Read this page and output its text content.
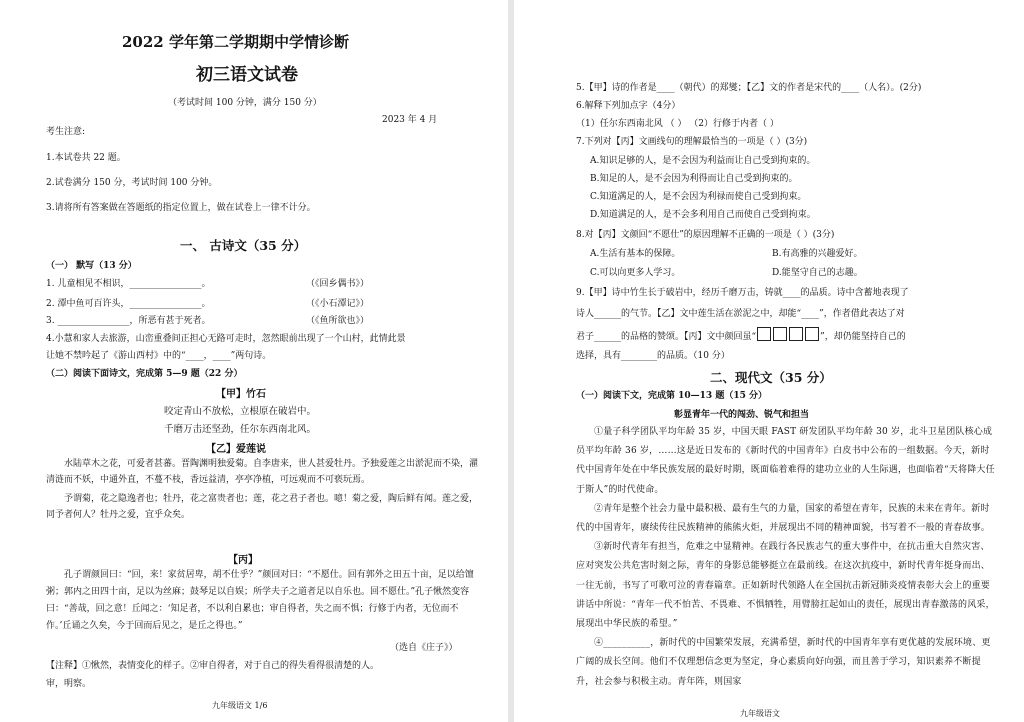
2022 学年第二学期期中学情诊断
初三语文试卷
（考试时间 100 分钟，满分 150 分）
2023 年 4 月
考生注意:
1.本试卷共 22 题。
2.试卷满分 150 分，考试时间 100 分钟。
3.请将所有答案做在答题纸的指定位置上，做在试卷上一律不计分。
一、 古诗文（35 分）
（一） 默写（13 分）
1. 儿童相见不相识，________________。	（《回乡偶书》）
2. 潭中鱼可百许头，________________。	（《小石潭记》）
3. ________________，所恶有甚于死者。	（《鱼所欲也》）
4.小慧和家人去旅游，山峦重叠间正担心无路可走时，忽然眼前出现了一个山村，此情此景
让她不禁吟起了《游山西村》中的“____，____”两句诗。
（二）阅读下面诗文，完成第 5—9 题（22 分）
【甲】竹石
咬定青山不放松，立根原在破岩中。
千磨万击还坚劲，任尔东西南北风。
【乙】爱莲说
水陆草木之花，可爱者甚蕃。晋陶渊明独爱菊。自李唐来，世人甚爱牡丹。予独爱莲之出淤泥而不染，濯清涟而不妖，中通外直，不蔓不枝，香远益清，亭亭净植，可远观而不可亵玩焉。
予谓菊，花之隐逸者也；牡丹，花之富贵者也；莲，花之君子者也。噫！菊之爱，陶后鲜有闻。莲之爱，同予者何人？牡丹之爱，宜乎众矣。
【丙】
孔子谓颜回曰：“回，来！家贫居卑，胡不仕乎？”颜回对曰：“不愿仕。回有郭外之田五十亩，足以给𫗴粥；郭内之田四十亩，足以为丝麻；鼓琴足以自娱；所学夫子之道者足以自乐也。回不愿仕。”孔子愀然变容曰：“善哉，回之意！丘闻之：‘知足者，不以利自累也；审自得者，失之而不惧；行修于内者，无位而不作。’丘诵之久矣，今于回而后见之，是丘之得也。”
（选自《庄子》）
【注释】①愀然，表情变化的样子。②审自得者，对于自己的得失看得很清楚的人。
审，明察。
九年级语文 1/6
5.【甲】诗的作者是____（朝代）的郑燮；【乙】文的作者是宋代的____（人名）。(2分)
6.解释下列加点字（4分）
（1）任尔东西南北风 （ ） （2）行修于内者（ ）
7.下列对【丙】文画线句的理解最恰当的一项是（ ）(3分)
A.知识足够的人，是不会因为利益而让自己受到拘束的。
B.知足的人，是不会因为利得而让自己受到拘束的。
C.知道满足的人，是不会因为利禄而使自己受到拘束。
D.知道满足的人，是不会多利用自己而使自己受到拘束。
8.对【丙】文颜回“不愿仕”的原因理解不正确的一项是（ ）(3分)
A.生活有基本的保障。	B.有高雅的兴趣爱好。
C.可以向更多人学习。	D.能坚守自己的志趣。
9.【甲】诗中竹生长于破岩中，经历千磨万击，铸就____的品质。诗中含蓄地表现了
诗人______的气节。【乙】文中莲生活在淤泥之中，却能“____”，作者借此表达了对
君子______的品格的赞颂。【丙】文中颜回虽“	”，却仍能坚持自己的
选择，具有________的品质。（10 分）
二、现代文（35 分）
（一）阅读下文，完成第 10—13 题（15 分）
彰显青年一代的闯劲、锐气和担当
①量子科学团队平均年龄 35 岁，中国天眼 FAST 研发团队平均年龄 30 岁，北斗卫星团队核心成员平均年龄 36 岁，……这是近日发布的《新时代的中国青年》白皮书中公布的一组数据。今天，新时代中国青年处在中华民族发展的最好时期，既面临着难得的建功立业的人生际遇，也面临着“天将降大任于斯人”的时代使命。
②青年是整个社会力量中最积极、最有生气的力量，国家的希望在青年，民族的未来在青年。新时代的中国青年，赓续传往民族精神的熊熊火炬，并展现出不同的精神面貌，书写着不一般的青春故事。
③新时代青年有担当，危难之中显精神。在践行各民族志气的重大事件中，在抗击重大自然灾害、应对突发公共危害时刻之际，青年的身影总能够挺立在最前线。在这次抗疫中，新时代青年挺身而出、一往无前，书写了可歌可泣的青春篇章。正如新时代领路人在全国抗击新冠肺炎疫情表彰大会上的重要讲话中所说：“青年一代不怕苦、不畏难、不惧牺牲，用臂膀扛起如山的责任，展现出青春激荡的风采，展现出中华民族的希望。”
④__________，新时代的中国繁荣发展，充满希望，新时代的中国青年享有更优越的发展环境、更广阔的成长空间。他们不仅理想信念更为坚定，身心素质向好向强，而且善于学习，知识素养不断提升，社会参与积极主动。青年阵，则国家
九年级语文
